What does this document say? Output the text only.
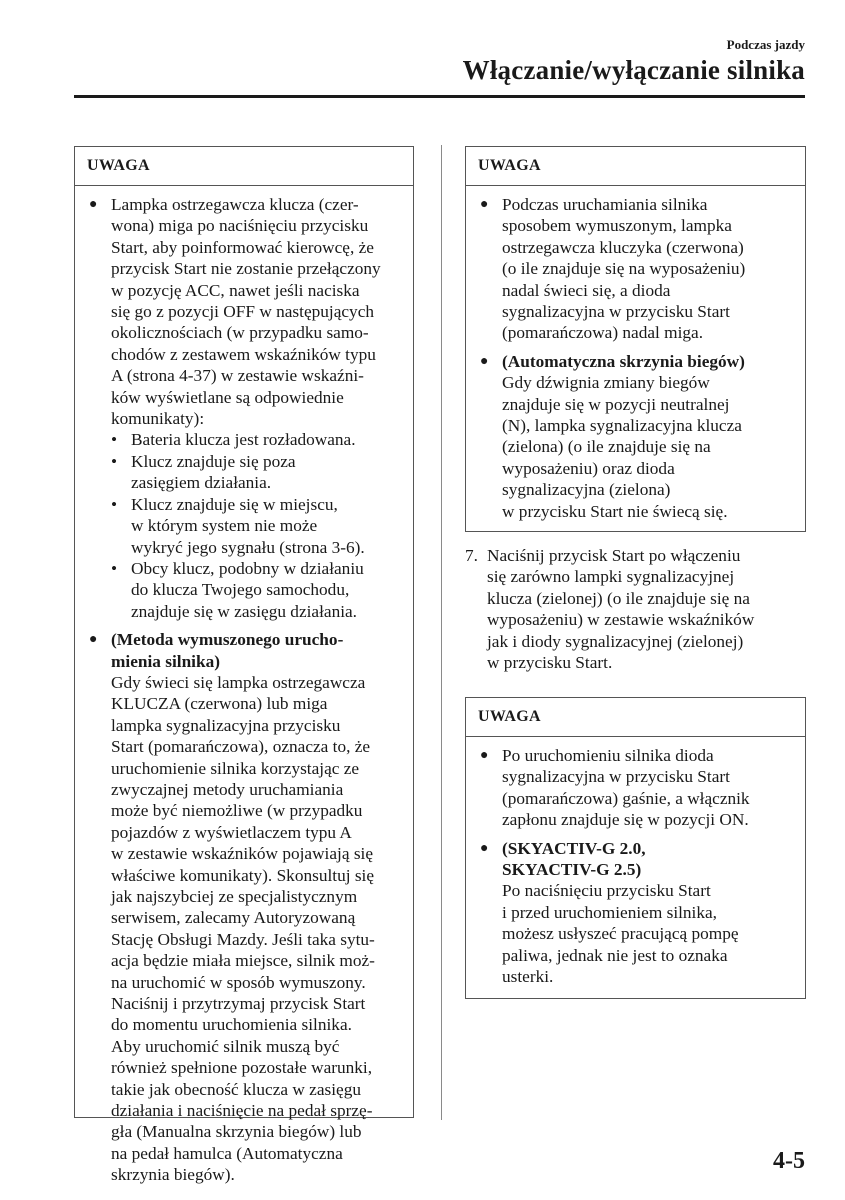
Podczas jazdy
Włączanie/wyłączanie silnika
UWAGA
● Lampka ostrzegawcza klucza (czer-
wona) miga po naciśnięciu przycisku
Start, aby poinformować kierowcę, że
przycisk Start nie zostanie przełączony
w pozycję ACC, nawet jeśli naciska
się go z pozycji OFF w następujących
okolicznościach (w przypadku samo-
chodów z zestawem wskaźników typu
A (strona 4-37) w zestawie wskaźni-
ków wyświetlane są odpowiednie
komunikaty):
• Bateria klucza jest rozładowana.
• Klucz znajduje się poza
zasięgiem działania.
• Klucz znajduje się w miejscu,
w którym system nie może
wykryć jego sygnału (strona 3-6).
• Obcy klucz, podobny w działaniu
do klucza Twojego samochodu,
znajduje się w zasięgu działania.
● (Metoda wymuszonego urucho-
mienia silnika)
Gdy świeci się lampka ostrzegawcza
KLUCZA (czerwona) lub miga
lampka sygnalizacyjna przycisku
Start (pomarańczowa), oznacza to, że
uruchomienie silnika korzystając ze
zwyczajnej metody uruchamiania
może być niemożliwe (w przypadku
pojazdów z wyświetlaczem typu A
w zestawie wskaźników pojawiają się
właściwe komunikaty). Skonsultuj się
jak najszybciej ze specjalistycznym
serwisem, zalecamy Autoryzowaną
Stację Obsługi Mazdy. Jeśli taka sytu-
acja będzie miała miejsce, silnik moż-
na uruchomić w sposób wymuszony.
Naciśnij i przytrzymaj przycisk Start
do momentu uruchomienia silnika.
Aby uruchomić silnik muszą być
również spełnione pozostałe warunki,
takie jak obecność klucza w zasięgu
działania i naciśnięcie na pedał sprzę-
gła (Manualna skrzynia biegów) lub
na pedał hamulca (Automatyczna
skrzynia biegów).
UWAGA
● Podczas uruchamiania silnika
sposobem wymuszonym, lampka
ostrzegawcza kluczyka (czerwona)
(o ile znajduje się na wyposażeniu)
nadal świeci się, a dioda
sygnalizacyjna w przycisku Start
(pomarańczowa) nadal miga.
● (Automatyczna skrzynia biegów)
Gdy dźwignia zmiany biegów
znajduje się w pozycji neutralnej
(N), lampka sygnalizacyjna klucza
(zielona) (o ile znajduje się na
wyposażeniu) oraz dioda
sygnalizacyjna (zielona)
w przycisku Start nie świecą się.
7. Naciśnij przycisk Start po włączeniu
się zarówno lampki sygnalizacyjnej
klucza (zielonej) (o ile znajduje się na
wyposażeniu) w zestawie wskaźników
jak i diody sygnalizacyjnej (zielonej)
w przycisku Start.
UWAGA
● Po uruchomieniu silnika dioda
sygnalizacyjna w przycisku Start
(pomarańczowa) gaśnie, a włącznik
zapłonu znajduje się w pozycji ON.
● (SKYACTIV-G 2.0,
SKYACTIV-G 2.5)
Po naciśnięciu przycisku Start
i przed uruchomieniem silnika,
możesz usłyszeć pracującą pompę
paliwa, jednak nie jest to oznaka
usterki.
4-5
